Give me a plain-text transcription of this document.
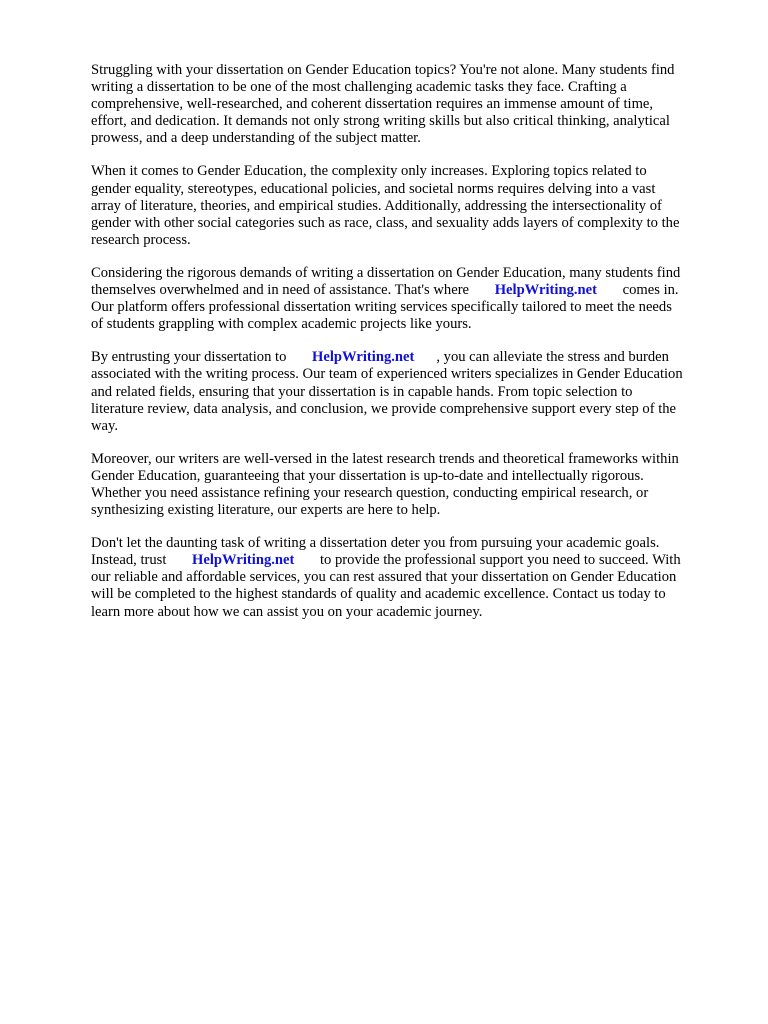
Struggling with your dissertation on Gender Education topics? You're not alone. Many students find
writing a dissertation to be one of the most challenging academic tasks they face. Crafting a
comprehensive, well-researched, and coherent dissertation requires an immense amount of time,
effort, and dedication. It demands not only strong writing skills but also critical thinking, analytical
prowess, and a deep understanding of the subject matter.

When it comes to Gender Education, the complexity only increases. Exploring topics related to
gender equality, stereotypes, educational policies, and societal norms requires delving into a vast
array of literature, theories, and empirical studies. Additionally, addressing the intersectionality of
gender with other social categories such as race, class, and sexuality adds layers of complexity to the
research process.

Considering the rigorous demands of writing a dissertation on Gender Education, many students find
themselves overwhelmed and in need of assistance. That's where HelpWriting.net comes in.
Our platform offers professional dissertation writing services specifically tailored to meet the needs
of students grappling with complex academic projects like yours.

By entrusting your dissertation to HelpWriting.net , you can alleviate the stress and burden
associated with the writing process. Our team of experienced writers specializes in Gender Education
and related fields, ensuring that your dissertation is in capable hands. From topic selection to
literature review, data analysis, and conclusion, we provide comprehensive support every step of the
way.

Moreover, our writers are well-versed in the latest research trends and theoretical frameworks within
Gender Education, guaranteeing that your dissertation is up-to-date and intellectually rigorous.
Whether you need assistance refining your research question, conducting empirical research, or
synthesizing existing literature, our experts are here to help.

Don't let the daunting task of writing a dissertation deter you from pursuing your academic goals.
Instead, trust HelpWriting.net to provide the professional support you need to succeed. With
our reliable and affordable services, you can rest assured that your dissertation on Gender Education
will be completed to the highest standards of quality and academic excellence. Contact us today to
learn more about how we can assist you on your academic journey.
